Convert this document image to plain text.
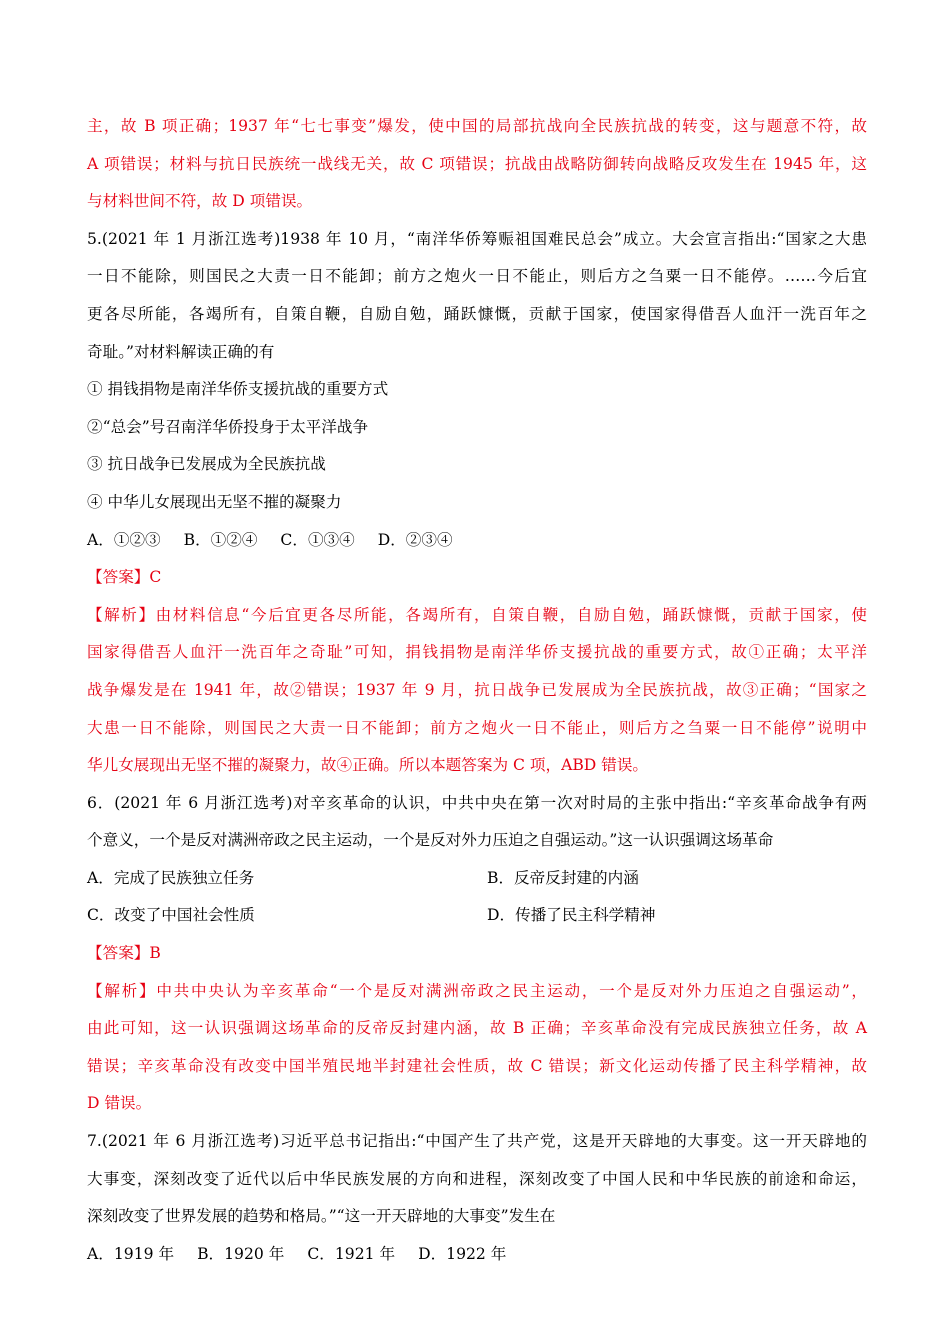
主，故 B 项正确；1937 年“七七事变”爆发，使中国的局部抗战向全民族抗战的转变，这与题意不符，故

A 项错误；材料与抗日民族统一战线无关，故 C 项错误；抗战由战略防御转向战略反攻发生在 1945 年，这

与材料世间不符，故 D 项错误。

5.(2021 年 1 月浙江选考)1938 年 10 月，“南洋华侨筹赈祖国难民总会”成立。大会宣言指出:“国家之大患

一日不能除，则国民之大责一日不能卸；前方之炮火一日不能止，则后方之刍粟一日不能停。……今后宜

更各尽所能，各竭所有，自策自鞭，自励自勉，踊跃慷慨，贡献于国家，使国家得借吾人血汗一洗百年之

奇耻。”对材料解读正确的有

① 捐钱捐物是南洋华侨支援抗战的重要方式

②“总会”号召南洋华侨投身于太平洋战争

③ 抗日战争已发展成为全民族抗战

④ 中华儿女展现出无坚不摧的凝聚力

A．①②③ B．①②④ C．①③④ D．②③④

【答案】C

【解析】由材料信息“今后宜更各尽所能，各竭所有，自策自鞭，自励自勉，踊跃慷慨，贡献于国家，使

国家得借吾人血汗一洗百年之奇耻”可知，捐钱捐物是南洋华侨支援抗战的重要方式，故①正确；太平洋

战争爆发是在 1941 年，故②错误；1937 年 9 月，抗日战争已发展成为全民族抗战，故③正确；“国家之

大患一日不能除，则国民之大责一日不能卸；前方之炮火一日不能止，则后方之刍粟一日不能停”说明中

华儿女展现出无坚不摧的凝聚力，故④正确。所以本题答案为 C 项，ABD 错误。

6．(2021 年 6 月浙江选考)对辛亥革命的认识，中共中央在第一次对时局的主张中指出:“辛亥革命战争有两

个意义，一个是反对满洲帝政之民主运动，一个是反对外力压迫之自强运动。”这一认识强调这场革命

A．完成了民族独立任务	B．反帝反封建的内涵
C．改变了中国社会性质	D．传播了民主科学精神

【答案】B

【解析】中共中央认为辛亥革命“一个是反对满洲帝政之民主运动，一个是反对外力压迫之自强运动”，

由此可知，这一认识强调这场革命的反帝反封建内涵，故 B 正确；辛亥革命没有完成民族独立任务，故 A

错误；辛亥革命没有改变中国半殖民地半封建社会性质，故 C 错误；新文化运动传播了民主科学精神，故

D 错误。

7.(2021 年 6 月浙江选考)习近平总书记指出:“中国产生了共产党，这是开天辟地的大事变。这一开天辟地的

大事变，深刻改变了近代以后中华民族发展的方向和进程，深刻改变了中国人民和中华民族的前途和命运，

深刻改变了世界发展的趋势和格局。”“这一开天辟地的大事变”发生在

A．1919 年 B．1920 年 C．1921 年 D．1922 年
